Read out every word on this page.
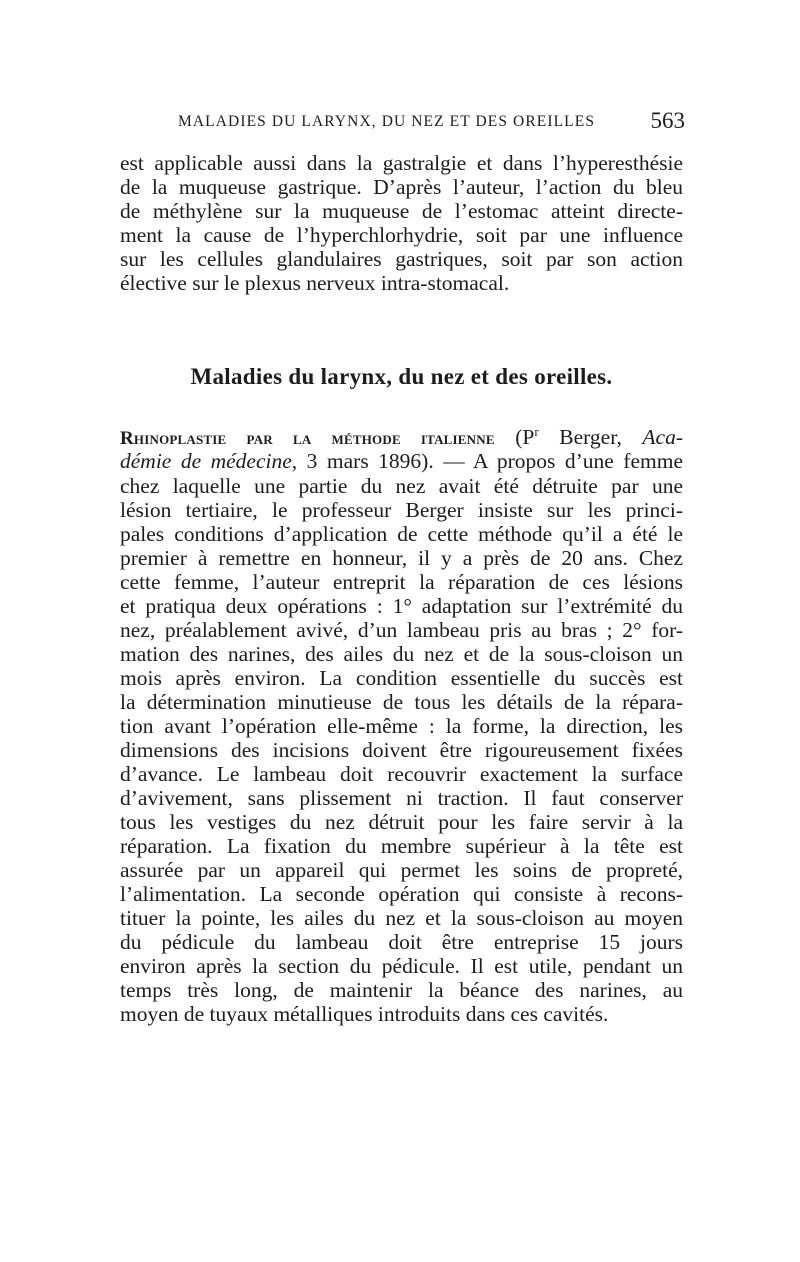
MALADIES DU LARYNX, DU NEZ ET DES OREILLES 563
est applicable aussi dans la gastralgie et dans l’hyperesthésie
de la muqueuse gastrique. D’après l’auteur, l’action du bleu
de méthylène sur la muqueuse de l’estomac atteint directe-
ment la cause de l’hyperchlorhydrie, soit par une influence
sur les cellules glandulaires gastriques, soit par son action
élective sur le plexus nerveux intra-stomacal.
Maladies du larynx, du nez et des oreilles.
Rhinoplastie par la méthode italienne ($P^r$ Berger, Aca-
démie de médecine, 3 mars 1896). — A propos d’une femme
chez laquelle une partie du nez avait été détruite par une
lésion tertiaire, le professeur Berger insiste sur les princi-
pales conditions d’application de cette méthode qu’il a été le
premier à remettre en honneur, il y a près de 20 ans. Chez
cette femme, l’auteur entreprit la réparation de ces lésions
et pratiqua deux opérations : 1° adaptation sur l’extrémité du
nez, préalablement avivé, d’un lambeau pris au bras ; 2° for-
mation des narines, des ailes du nez et de la sous-cloison un
mois après environ. La condition essentielle du succès est
la détermination minutieuse de tous les détails de la répara-
tion avant l’opération elle-même : la forme, la direction, les
dimensions des incisions doivent être rigoureusement fixées
d’avance. Le lambeau doit recouvrir exactement la surface
d’avivement, sans plissement ni traction. Il faut conserver
tous les vestiges du nez détruit pour les faire servir à la
réparation. La fixation du membre supérieur à la tête est
assurée par un appareil qui permet les soins de propreté,
l’alimentation. La seconde opération qui consiste à recons-
tituer la pointe, les ailes du nez et la sous-cloison au moyen
du pédicule du lambeau doit être entreprise 15 jours
environ après la section du pédicule. Il est utile, pendant un
temps très long, de maintenir la béance des narines, au
moyen de tuyaux métalliques introduits dans ces cavités.
